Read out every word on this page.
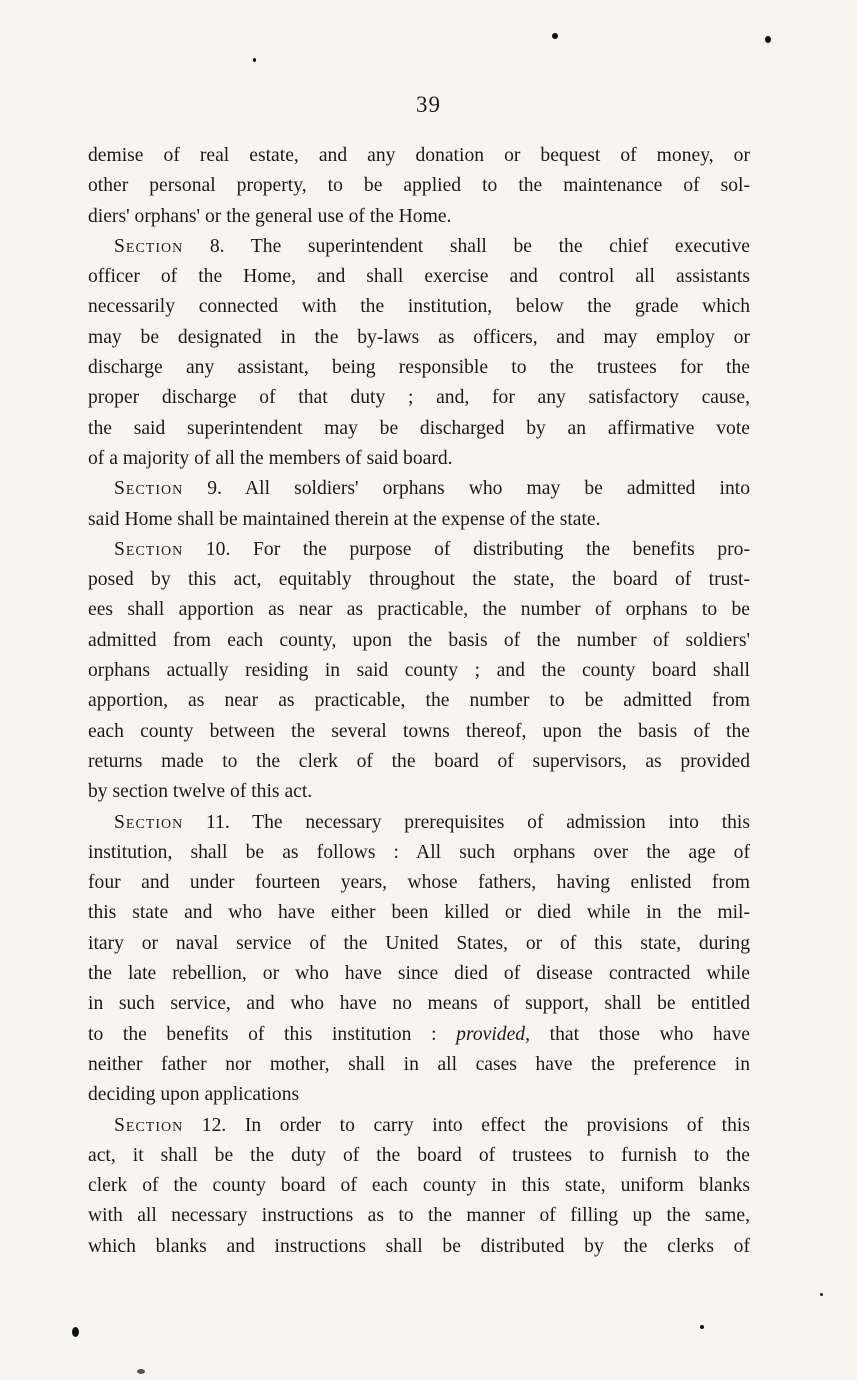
39
demise of real estate, and any donation or bequest of money, or
other personal property, to be applied to the maintenance of sol-
diers' orphans' or the general use of the Home.
Section 8. The superintendent shall be the chief executive
officer of the Home, and shall exercise and control all assistants
necessarily connected with the institution, below the grade which
may be designated in the by-laws as officers, and may employ or
discharge any assistant, being responsible to the trustees for the
proper discharge of that duty ; and, for any satisfactory cause,
the said superintendent may be discharged by an affirmative vote
of a majority of all the members of said board.
Section 9. All soldiers' orphans who may be admitted into
said Home shall be maintained therein at the expense of the state.
Section 10. For the purpose of distributing the benefits pro-
posed by this act, equitably throughout the state, the board of trust-
ees shall apportion as near as practicable, the number of orphans to be
admitted from each county, upon the basis of the number of soldiers'
orphans actually residing in said county ; and the county board shall
apportion, as near as practicable, the number to be admitted from
each county between the several towns thereof, upon the basis of the
returns made to the clerk of the board of supervisors, as provided
by section twelve of this act.
Section 11. The necessary prerequisites of admission into this
institution, shall be as follows : All such orphans over the age of
four and under fourteen years, whose fathers, having enlisted from
this state and who have either been killed or died while in the mil-
itary or naval service of the United States, or of this state, during
the late rebellion, or who have since died of disease contracted while
in such service, and who have no means of support, shall be entitled
to the benefits of this institution : provided, that those who have
neither father nor mother, shall in all cases have the preference in
deciding upon applications
Section 12. In order to carry into effect the provisions of this
act, it shall be the duty of the board of trustees to furnish to the
clerk of the county board of each county in this state, uniform blanks
with all necessary instructions as to the manner of filling up the same,
which blanks and instructions shall be distributed by the clerks of
